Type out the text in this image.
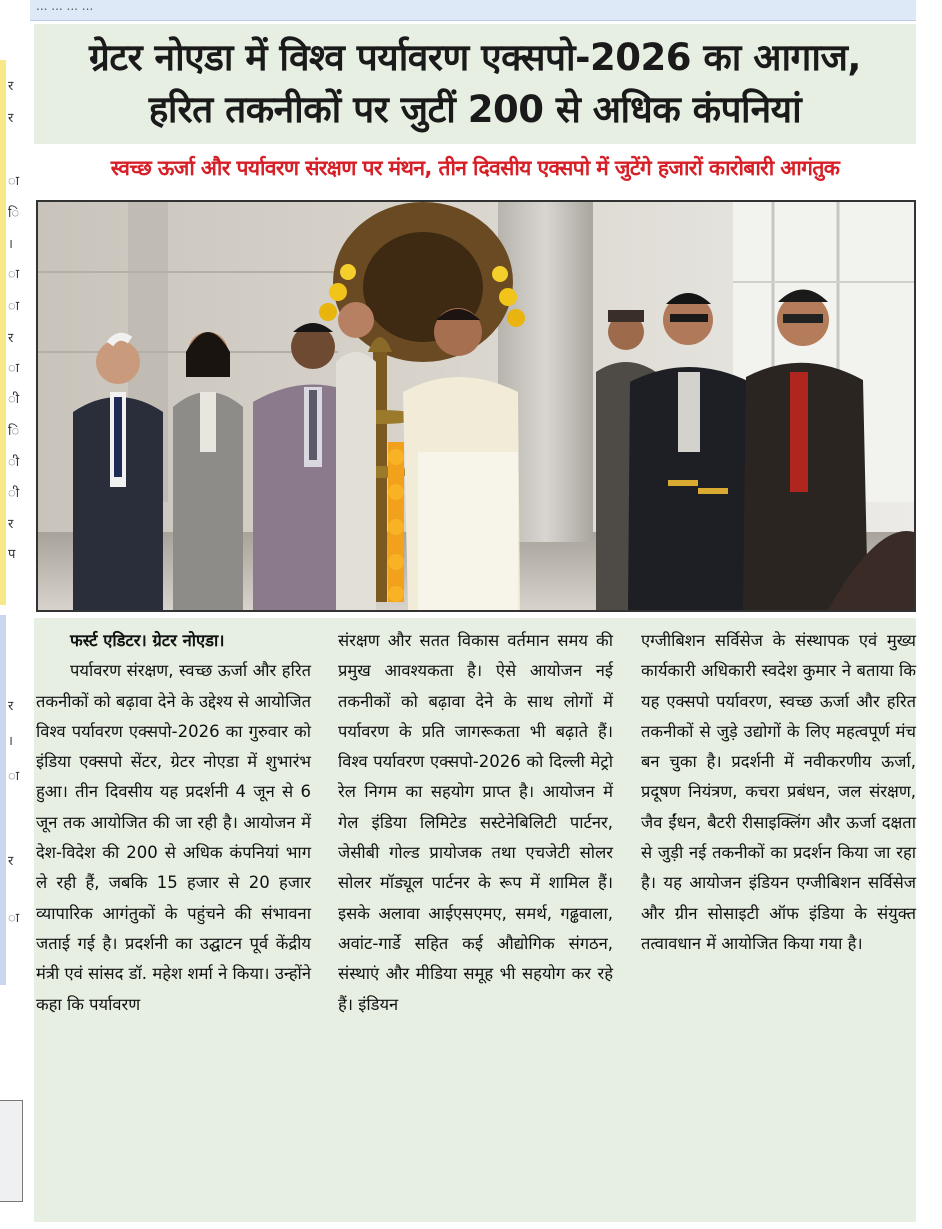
र
र
ा
ि
।
ा
ा
र
ा
ी
ि
ी
ी
र
प
र
।
ा
र
ा
... ... ... ...
ग्रेटर नोएडा में विश्व पर्यावरण एक्सपो-2026 का आगाज,
हरित तकनीकों पर जुटीं 200 से अधिक कंपनियां
स्वच्छ ऊर्जा और पर्यावरण संरक्षण पर मंथन, तीन दिवसीय एक्सपो में जुटेंगे हजारों कारोबारी आगंतुक

फर्स्ट एडिटर। ग्रेटर नोएडा।

पर्यावरण संरक्षण, स्वच्छ ऊर्जा और हरित तकनीकों को बढ़ावा देने के उद्देश्य से आयोजित विश्व पर्यावरण एक्सपो-2026 का गुरुवार को इंडिया एक्सपो सेंटर, ग्रेटर नोएडा में शुभारंभ हुआ। तीन दिवसीय यह प्रदर्शनी 4 जून से 6 जून तक आयोजित की जा रही है। आयोजन में देश-विदेश की 200 से अधिक कंपनियां भाग ले रही हैं, जबकि 15 हजार से 20 हजार व्यापारिक आगंतुकों के पहुंचने की संभावना जताई गई है। प्रदर्शनी का उद्घाटन पूर्व केंद्रीय मंत्री एवं सांसद डॉ. महेश शर्मा ने किया। उन्होंने कहा कि पर्यावरण

संरक्षण और सतत विकास वर्तमान समय की प्रमुख आवश्यकता है। ऐसे आयोजन नई तकनीकों को बढ़ावा देने के साथ लोगों में पर्यावरण के प्रति जागरूकता भी बढ़ाते हैं। विश्व पर्यावरण एक्सपो-2026 को दिल्ली मेट्रो रेल निगम का सहयोग प्राप्त है। आयोजन में गेल इंडिया लिमिटेड सस्टेनेबिलिटी पार्टनर, जेसीबी गोल्ड प्रायोजक तथा एचजेटी सोलर सोलर मॉड्यूल पार्टनर के रूप में शामिल हैं। इसके अलावा आईएसएमए, समर्थ, गढ्ढवाला, अवांट-गार्डे सहित कई औद्योगिक संगठन, संस्थाएं और मीडिया समूह भी सहयोग कर रहे हैं। इंडियन

एग्जीबिशन सर्विसेज के संस्थापक एवं मुख्य कार्यकारी अधिकारी स्वदेश कुमार ने बताया कि यह एक्सपो पर्यावरण, स्वच्छ ऊर्जा और हरित तकनीकों से जुड़े उद्योगों के लिए महत्वपूर्ण मंच बन चुका है। प्रदर्शनी में नवीकरणीय ऊर्जा, प्रदूषण नियंत्रण, कचरा प्रबंधन, जल संरक्षण, जैव ईंधन, बैटरी रीसाइक्लिंग और ऊर्जा दक्षता से जुड़ी नई तकनीकों का प्रदर्शन किया जा रहा है। यह आयोजन इंडियन एग्जीबिशन सर्विसेज और ग्रीन सोसाइटी ऑफ इंडिया के संयुक्त तत्वावधान में आयोजित किया गया है।
